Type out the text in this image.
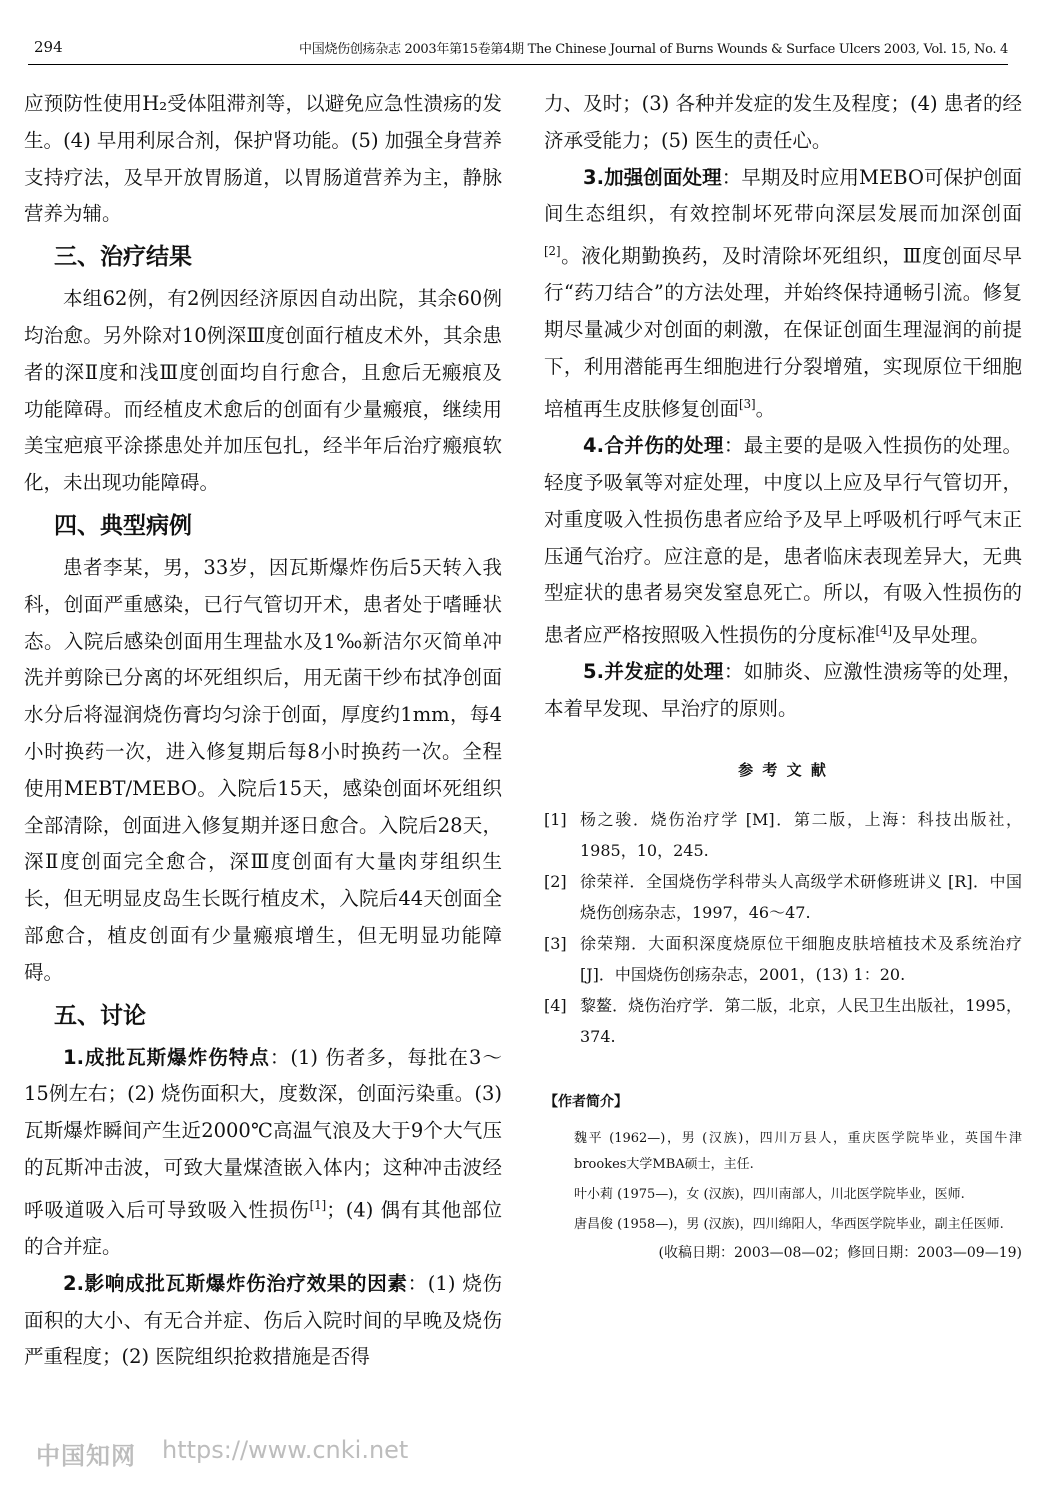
294	中国烧伤创疡杂志 2003年第15卷第4期 The Chinese Journal of Burns Wounds & Surface Ulcers 2003, Vol. 15, No. 4

应预防性使用H₂受体阻滞剂等，以避免应急性溃疡的发生。(4) 早用利尿合剂，保护肾功能。(5) 加强全身营养支持疗法，及早开放胃肠道，以胃肠道营养为主，静脉营养为辅。

三、治疗结果

本组62例，有2例因经济原因自动出院，其余60例均治愈。另外除对10例深Ⅲ度创面行植皮术外，其余患者的深Ⅱ度和浅Ⅲ度创面均自行愈合，且愈后无瘢痕及功能障碍。而经植皮术愈后的创面有少量瘢痕，继续用美宝疤痕平涂搽患处并加压包扎，经半年后治疗瘢痕软化，未出现功能障碍。

四、典型病例

患者李某，男，33岁，因瓦斯爆炸伤后5天转入我科，创面严重感染，已行气管切开术，患者处于嗜睡状态。入院后感染创面用生理盐水及1‰新洁尔灭简单冲洗并剪除已分离的坏死组织后，用无菌干纱布拭净创面水分后将湿润烧伤膏均匀涂于创面，厚度约1mm，每4小时换药一次，进入修复期后每8小时换药一次。全程使用MEBT/MEBO。入院后15天，感染创面坏死组织全部清除，创面进入修复期并逐日愈合。入院后28天，深Ⅱ度创面完全愈合，深Ⅲ度创面有大量肉芽组织生长，但无明显皮岛生长既行植皮术，入院后44天创面全部愈合，植皮创面有少量瘢痕增生，但无明显功能障碍。

五、讨论

1.成批瓦斯爆炸伤特点：(1) 伤者多，每批在3～15例左右；(2) 烧伤面积大，度数深，创面污染重。(3) 瓦斯爆炸瞬间产生近2000℃高温气浪及大于9个大气压的瓦斯冲击波，可致大量煤渣嵌入体内；这种冲击波经呼吸道吸入后可导致吸入性损伤[1]；(4) 偶有其他部位的合并症。

2.影响成批瓦斯爆炸伤治疗效果的因素：(1) 烧伤面积的大小、有无合并症、伤后入院时间的早晚及烧伤严重程度；(2) 医院组织抢救措施是否得

力、及时；(3) 各种并发症的发生及程度；(4) 患者的经济承受能力；(5) 医生的责任心。

3.加强创面处理：早期及时应用MEBO可保护创面间生态组织，有效控制坏死带向深层发展而加深创面[2]。液化期勤换药，及时清除坏死组织，Ⅲ度创面尽早行“药刀结合”的方法处理，并始终保持通畅引流。修复期尽量减少对创面的刺激，在保证创面生理湿润的前提下，利用潜能再生细胞进行分裂增殖，实现原位干细胞培植再生皮肤修复创面[3]。

4.合并伤的处理：最主要的是吸入性损伤的处理。轻度予吸氧等对症处理，中度以上应及早行气管切开，对重度吸入性损伤患者应给予及早上呼吸机行呼气末正压通气治疗。应注意的是，患者临床表现差异大，无典型症状的患者易突发窒息死亡。所以，有吸入性损伤的患者应严格按照吸入性损伤的分度标准[4]及早处理。

5.并发症的处理：如肺炎、应激性溃疡等的处理，本着早发现、早治疗的原则。

参 考 文 献
[1] 杨之骏．烧伤治疗学 [M]．第二版，上海：科技出版社，1985，10，245.
[2] 徐荣祥．全国烧伤学科带头人高级学术研修班讲义 [R]．中国烧伤创疡杂志，1997，46～47.
[3] 徐荣翔．大面积深度烧原位干细胞皮肤培植技术及系统治疗 [J]．中国烧伤创疡杂志，2001，(13) 1：20.
[4] 黎鳌．烧伤治疗学．第二版，北京，人民卫生出版社，1995，374.
【作者简介】
魏平 (1962—)，男 (汉族)，四川万县人，重庆医学院毕业，英国牛津brookes大学MBA硕士，主任.
叶小莉 (1975—)，女 (汉族)，四川南部人，川北医学院毕业，医师.
唐昌俊 (1958—)，男 (汉族)，四川绵阳人，华西医学院毕业，副主任医师.
(收稿日期：2003—08—02；修回日期：2003—09—19)
中国知网 https://www.cnki.net
